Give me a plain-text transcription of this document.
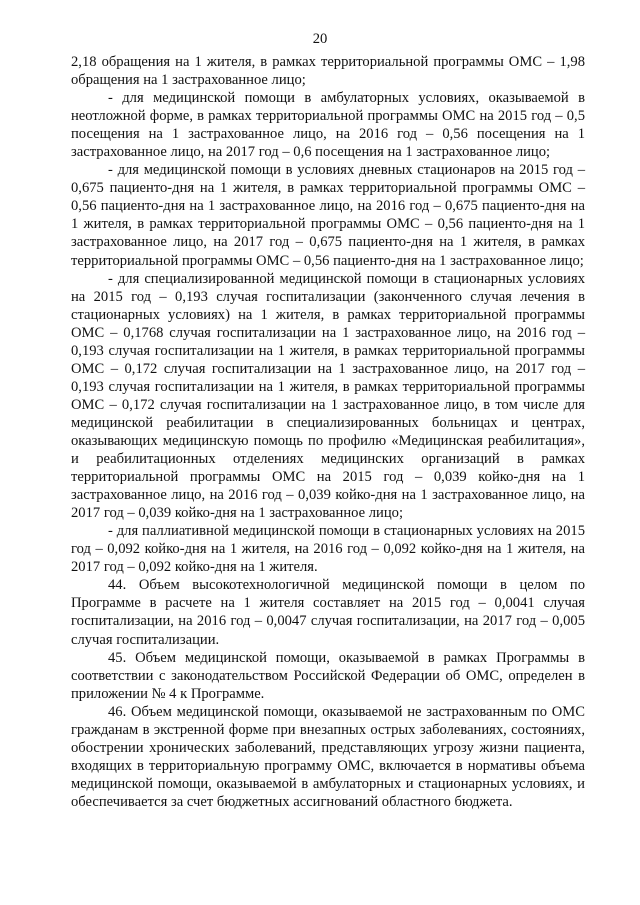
20

2,18 обращения на 1 жителя, в рамках территориальной программы ОМС – 1,98 обращения на 1 застрахованное лицо;

- для медицинской помощи в амбулаторных условиях, оказываемой в неотложной форме, в рамках территориальной программы ОМС на 2015 год – 0,5 посещения на 1 застрахованное лицо, на 2016 год – 0,56 посещения на 1 застрахованное лицо, на 2017 год – 0,6 посещения на 1 застрахованное лицо;

- для медицинской помощи в условиях дневных стационаров на 2015 год – 0,675 пациенто-дня на 1 жителя, в рамках территориальной программы ОМС – 0,56 пациенто-дня на 1 застрахованное лицо, на 2016 год – 0,675 пациенто-дня на 1 жителя, в рамках территориальной программы ОМС – 0,56 пациенто-дня на 1 застрахованное лицо, на 2017 год – 0,675 пациенто-дня на 1 жителя, в рамках территориальной программы ОМС – 0,56 пациенто-дня на 1 застрахованное лицо;

- для специализированной медицинской помощи в стационарных условиях на 2015 год – 0,193 случая госпитализации (законченного случая лечения в стационарных условиях) на 1 жителя, в рамках территориальной программы ОМС – 0,1768 случая госпитализации на 1 застрахованное лицо, на 2016 год – 0,193 случая госпитализации на 1 жителя, в рамках территориальной программы ОМС – 0,172 случая госпитализации на 1 застрахованное лицо, на 2017 год – 0,193 случая госпитализации на 1 жителя, в рамках территориальной программы ОМС – 0,172 случая госпитализации на 1 застрахованное лицо, в том числе для медицинской реабилитации в специализированных больницах и центрах, оказывающих медицинскую помощь по профилю «Медицинская реабилитация», и реабилитационных отделениях медицинских организаций в рамках территориальной программы ОМС на 2015 год – 0,039 койко-дня на 1 застрахованное лицо, на 2016 год – 0,039 койко-дня на 1 застрахованное лицо, на 2017 год – 0,039 койко-дня на 1 застрахованное лицо;

- для паллиативной медицинской помощи в стационарных условиях на 2015 год – 0,092 койко-дня на 1 жителя, на 2016 год – 0,092 койко-дня на 1 жителя, на 2017 год – 0,092 койко-дня на 1 жителя.

44. Объем высокотехнологичной медицинской помощи в целом по Программе в расчете на 1 жителя составляет на 2015 год – 0,0041 случая госпитализации, на 2016 год – 0,0047 случая госпитализации, на 2017 год – 0,005 случая госпитализации.

45. Объем медицинской помощи, оказываемой в рамках Программы в соответствии с законодательством Российской Федерации об ОМС, определен в приложении № 4 к Программе.

46. Объем медицинской помощи, оказываемой не застрахованным по ОМС гражданам в экстренной форме при внезапных острых заболеваниях, состояниях, обострении хронических заболеваний, представляющих угрозу жизни пациента, входящих в территориальную программу ОМС, включается в нормативы объема медицинской помощи, оказываемой в амбулаторных и стационарных условиях, и обеспечивается за счет бюджетных ассигнований областного бюджета.
